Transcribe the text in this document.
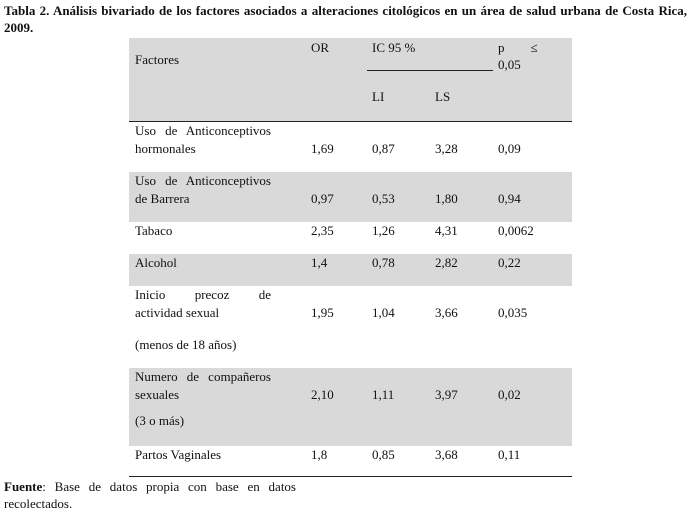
Tabla 2. Análisis bivariado de los factores asociados a alteraciones citológicos en un área de salud urbana de Costa Rica, 2009.
Factores
OR	IC 95 %	p        ≤
0,05
LI	LS
Uso de Anticonceptivos
hormonales	1,69	0,87	3,28	0,09
Uso de Anticonceptivos
de Barrera	0,97	0,53	1,80	0,94
Tabaco	2,35	1,26	4,31	0,0062
Alcohol	1,4	0,78	2,82	0,22
Inicio precoz de
actividad sexual
(menos de 18 años)
1,95	1,04	3,66	0,035
Numero de compañeros
sexuales
(3 o más)
2,10	1,11	3,97	0,02
Partos Vaginales	1,8	0,85	3,68	0,11
Fuente: Base de datos propia con base en datos recolectados.
